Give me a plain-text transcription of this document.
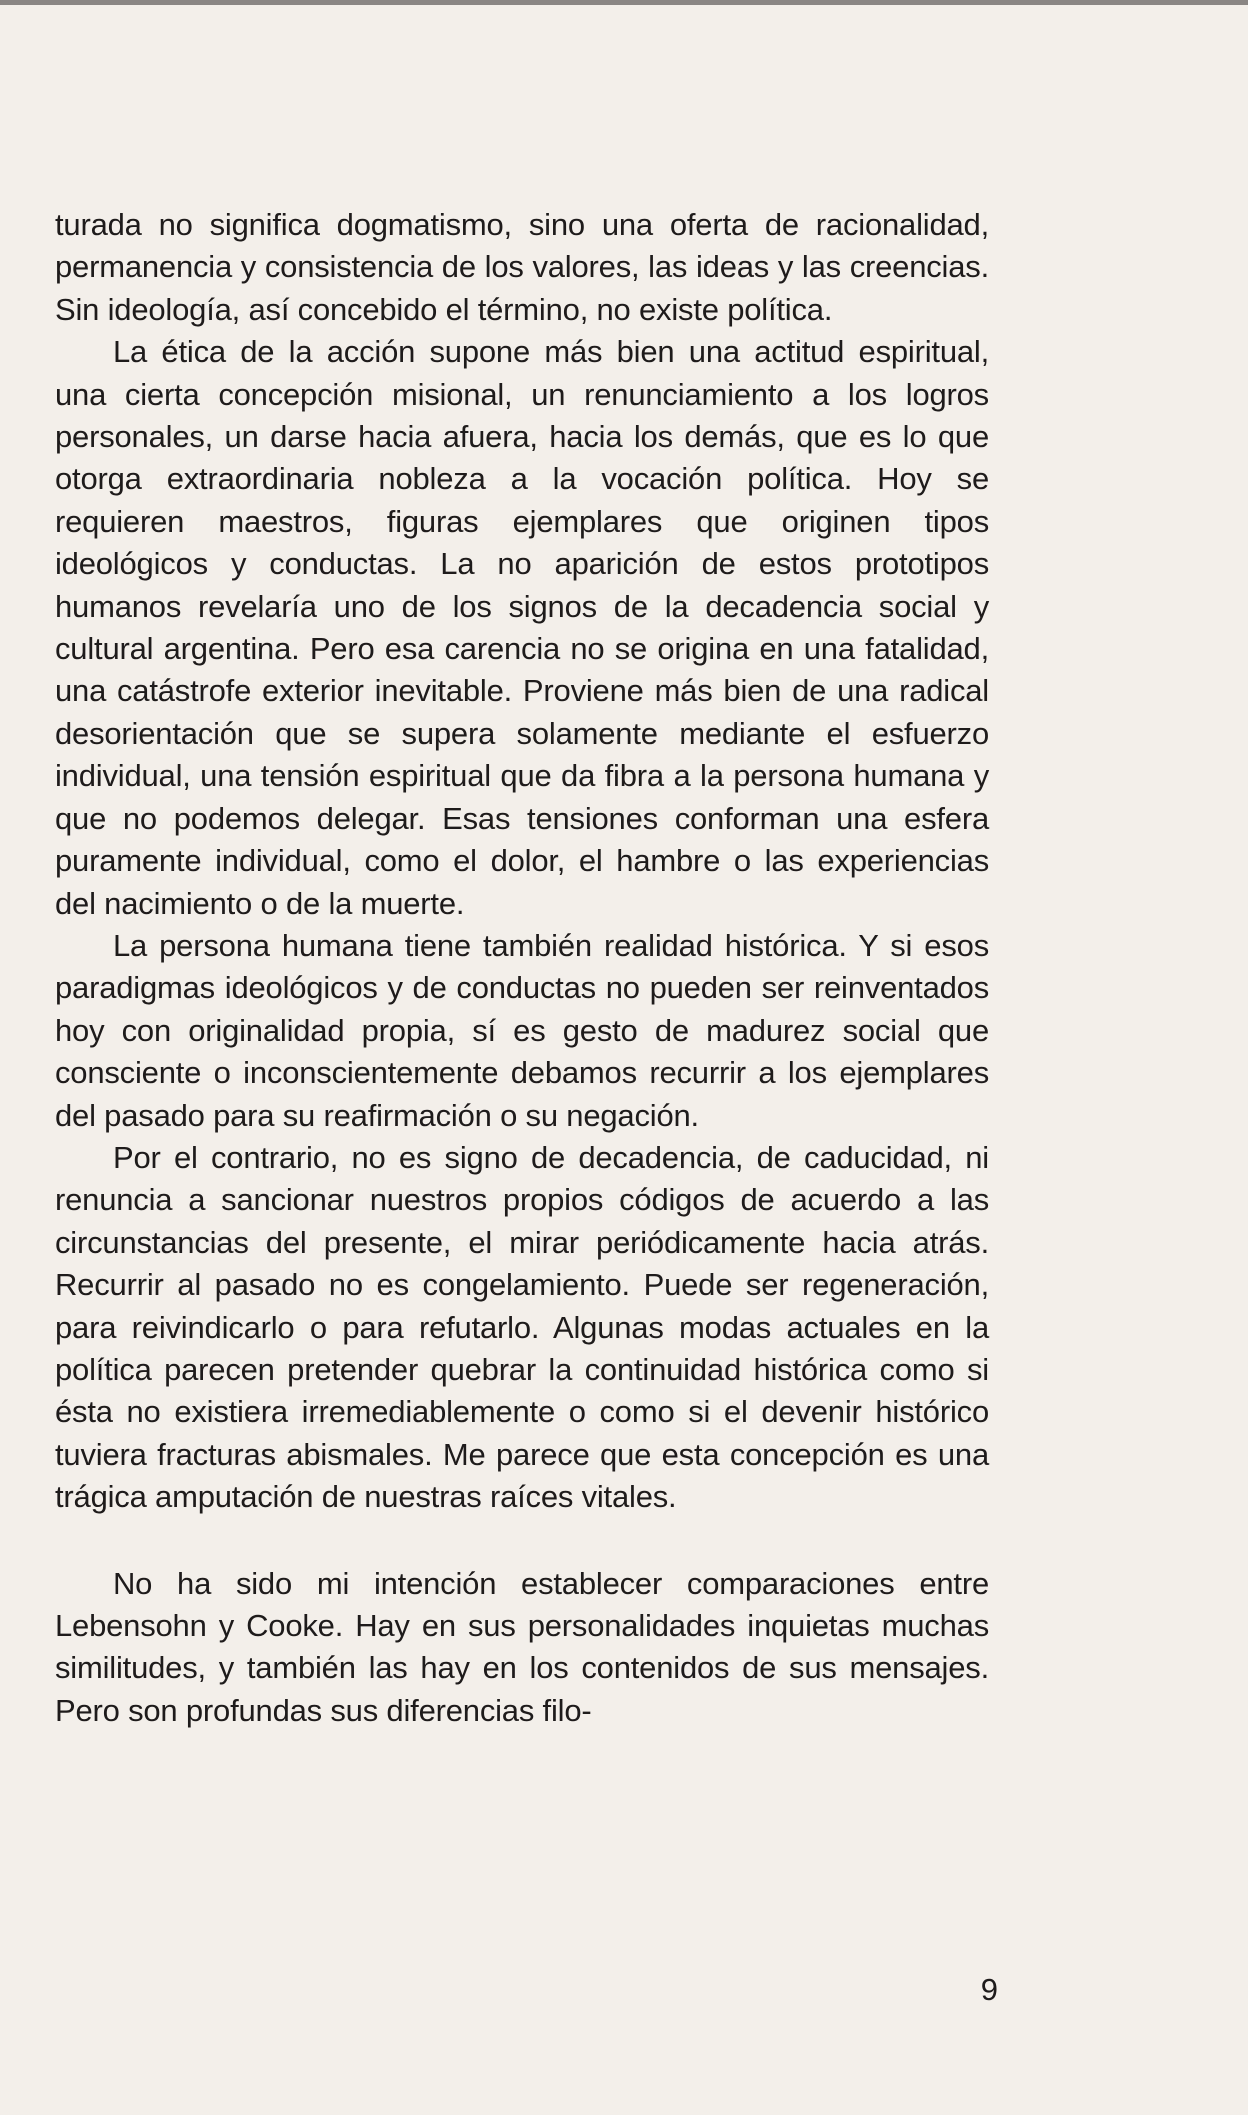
turada no significa dogmatismo, sino una oferta de racionalidad, permanencia y consistencia de los valores, las ideas y las creencias. Sin ideología, así concebido el término, no existe política.

La ética de la acción supone más bien una actitud espiritual, una cierta concepción misional, un renunciamiento a los logros personales, un darse hacia afuera, hacia los demás, que es lo que otorga extraordinaria nobleza a la vocación política. Hoy se requieren maestros, figuras ejemplares que originen tipos ideológicos y conductas. La no aparición de estos prototipos humanos revelaría uno de los signos de la decadencia social y cultural argentina. Pero esa carencia no se origina en una fatalidad, una catástrofe exterior inevitable. Proviene más bien de una radical desorientación que se supera solamente mediante el esfuerzo individual, una tensión espiritual que da fibra a la persona humana y que no podemos delegar. Esas tensiones conforman una esfera puramente individual, como el dolor, el hambre o las experiencias del nacimiento o de la muerte.

La persona humana tiene también realidad histórica. Y si esos paradigmas ideológicos y de conductas no pueden ser reinventados hoy con originalidad propia, sí es gesto de madurez social que consciente o inconscientemente debamos recurrir a los ejemplares del pasado para su reafirmación o su negación.

Por el contrario, no es signo de decadencia, de caducidad, ni renuncia a sancionar nuestros propios códigos de acuerdo a las circunstancias del presente, el mirar periódicamente hacia atrás. Recurrir al pasado no es congelamiento. Puede ser regeneración, para reivindicarlo o para refutarlo. Algunas modas actuales en la política parecen pretender quebrar la continuidad histórica como si ésta no existiera irremediablemente o como si el devenir histórico tuviera fracturas abismales. Me parece que esta concepción es una trágica amputación de nuestras raíces vitales.

No ha sido mi intención establecer comparaciones entre Lebensohn y Cooke. Hay en sus personalidades inquietas muchas similitudes, y también las hay en los contenidos de sus mensajes. Pero son profundas sus diferencias filo-

9
